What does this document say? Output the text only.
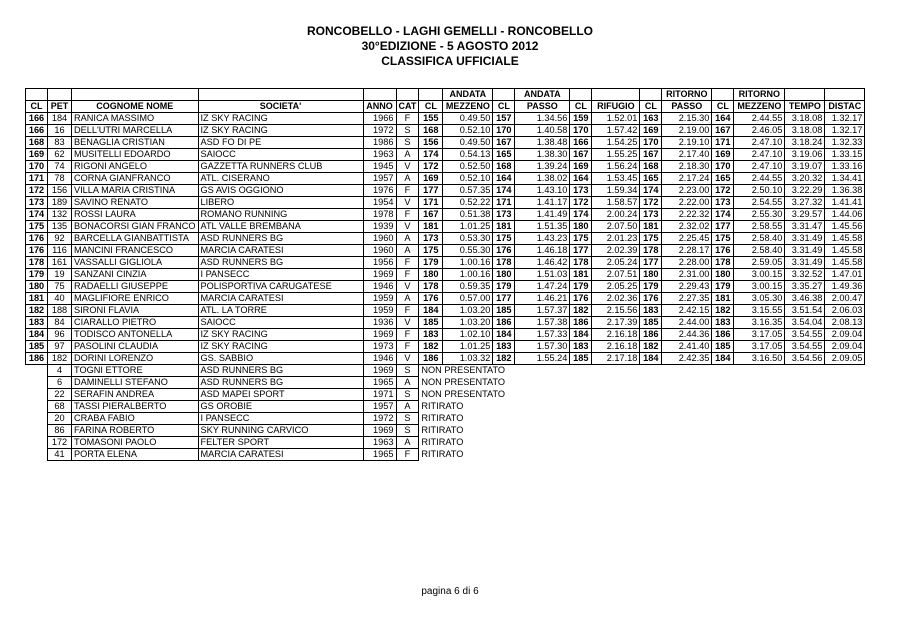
RONCOBELLO - LAGHI GEMELLI - RONCOBELLO
30°EDIZIONE - 5 AGOSTO 2012
CLASSIFICA UFFICIALE
							ANDATA		ANDATA				RITORNO		RITORNO		
CL	PET	COGNOME NOME	SOCIETA'	ANNO	CAT	CL	MEZZENO	CL	PASSO	CL	RIFUGIO	CL	PASSO	CL	MEZZENO	TEMPO	DISTAC
166	184	RANICA MASSIMO	IZ SKY RACING	1966	F	155	0.49.50	157	1.34.56	159	1.52.01	163	2.15.30	164	2.44.55	3.18.08	1.32.17
166	16	DELL'UTRI MARCELLA	IZ SKY RACING	1972	S	168	0.52.10	170	1.40.58	170	1.57.42	169	2.19.00	167	2.46.05	3.18.08	1.32.17
168	83	BENAGLIA CRISTIAN	ASD FO DI PE	1986	S	156	0.49.50	167	1.38.48	166	1.54.25	170	2.19.10	171	2.47.10	3.18.24	1.32.33
169	62	MUSITELLI EDOARDO	SAIOCC	1963	A	174	0.54.13	165	1.38.30	167	1.55.25	167	2.17.40	169	2.47.10	3.19.06	1.33.15
170	74	RIGONI ANGELO	GAZZETTA RUNNERS CLUB	1945	V	172	0.52.50	168	1.39.24	169	1.56.24	168	2.18.30	170	2.47.10	3.19.07	1.33.16
171	78	CORNA GIANFRANCO	ATL. CISERANO	1957	A	169	0.52.10	164	1.38.02	164	1.53.45	165	2.17.24	165	2.44.55	3.20.32	1.34.41
172	156	VILLA MARIA CRISTINA	GS AVIS OGGIONO	1976	F	177	0.57.35	174	1.43.10	173	1.59.34	174	2.23.00	172	2.50.10	3.22.29	1.36.38
173	189	SAVINO RENATO	LIBERO	1954	V	171	0.52.22	171	1.41.17	172	1.58.57	172	2.22.00	173	2.54.55	3.27.32	1.41.41
174	132	ROSSI LAURA	ROMANO RUNNING	1978	F	167	0.51.38	173	1.41.49	174	2.00.24	173	2.22.32	174	2.55.30	3.29.57	1.44.06
175	135	BONACORSI GIAN FRANCO	ATL VALLE BREMBANA	1939	V	181	1.01.25	181	1.51.35	180	2.07.50	181	2.32.02	177	2.58.55	3.31.47	1.45.56
176	92	BARCELLA GIANBATTISTA	ASD RUNNERS BG	1960	A	173	0.53.30	175	1.43.23	175	2.01.23	175	2.25.45	175	2.58.40	3.31.49	1.45.58
176	116	MANCINI FRANCESCO	MARCIA CARATESI	1960	A	175	0.55.30	176	1.46.18	177	2.02.39	178	2.28.17	176	2.58.40	3.31.49	1.45.58
178	161	VASSALLI GIGLIOLA	ASD RUNNERS BG	1956	F	179	1.00.16	178	1.46.42	178	2.05.24	177	2.28.00	178	2.59.05	3.31.49	1.45.58
179	19	SANZANI CINZIA	I PANSECC	1969	F	180	1.00.16	180	1.51.03	181	2.07.51	180	2.31.00	180	3.00.15	3.32.52	1.47.01
180	75	RADAELLI GIUSEPPE	POLISPORTIVA CARUGATESE	1946	V	178	0.59.35	179	1.47.24	179	2.05.25	179	2.29.43	179	3.00.15	3.35.27	1.49.36
181	40	MAGLIFIORE ENRICO	MARCIA CARATESI	1959	A	176	0.57.00	177	1.46.21	176	2.02.36	176	2.27.35	181	3.05.30	3.46.38	2.00.47
182	188	SIRONI FLAVIA	ATL. LA TORRE	1959	F	184	1.03.20	185	1.57.37	182	2.15.56	183	2.42.15	182	3.15.55	3.51.54	2.06.03
183	84	CIARALLO PIETRO	SAIOCC	1936	V	185	1.03.20	186	1.57.38	186	2.17.39	185	2.44.00	183	3.16.35	3.54.04	2.08.13
184	96	TODISCO ANTONELLA	IZ SKY RACING	1969	F	183	1.02.10	184	1.57.33	184	2.16.18	186	2.44.36	186	3.17.05	3.54.55	2.09.04
185	97	PASOLINI CLAUDIA	IZ SKY RACING	1973	F	182	1.01.25	183	1.57.30	183	2.16.18	182	2.41.40	185	3.17.05	3.54.55	2.09.04
186	182	DORINI LORENZO	GS. SABBIO	1946	V	186	1.03.32	182	1.55.24	185	2.17.18	184	2.42.35	184	3.16.50	3.54.56	2.09.05
	4	TOGNI ETTORE	ASD RUNNERS BG	1969	S	NON PRESENTATO											
	6	DAMINELLI STEFANO	ASD RUNNERS BG	1965	A	NON PRESENTATO											
	22	SERAFIN ANDREA	ASD MAPEI SPORT	1971	S	NON PRESENTATO											
	68	TASSI PIERALBERTO	GS OROBIE	1957	A	RITIRATO											
	20	CRABA FABIO	I PANSECC	1972	S	RITIRATO											
	86	FARINA ROBERTO	SKY RUNNING CARVICO	1969	S	RITIRATO											
	172	TOMASONI PAOLO	FELTER SPORT	1963	A	RITIRATO											
	41	PORTA ELENA	MARCIA CARATESI	1965	F	RITIRATO											
pagina 6 di 6
